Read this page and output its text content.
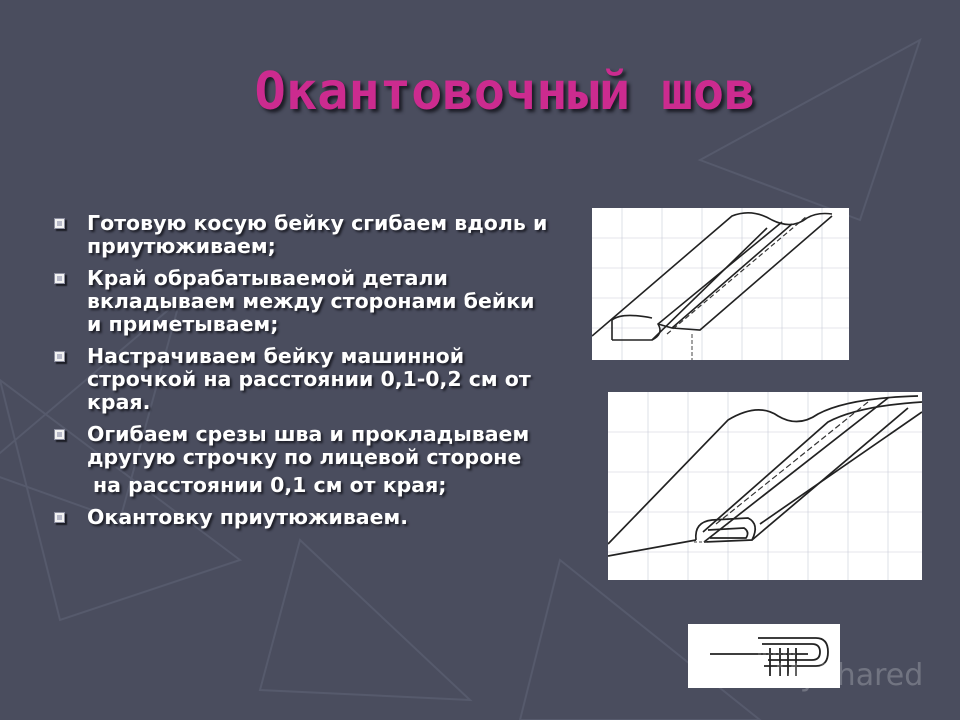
Окантовочный шов
Готовую косую бейку сгибаем вдоль и приутюживаем;
Край обрабатываемой детали вкладываем между сторонами бейки и приметываем;
Настрачиваем бейку машинной строчкой на расстоянии 0,1-0,2 см от края.
Огибаем срезы шва и прокладываем другую строчку по лицевой стороне
на расстоянии 0,1 см от края;
Окантовку приутюживаем.
MyShared
